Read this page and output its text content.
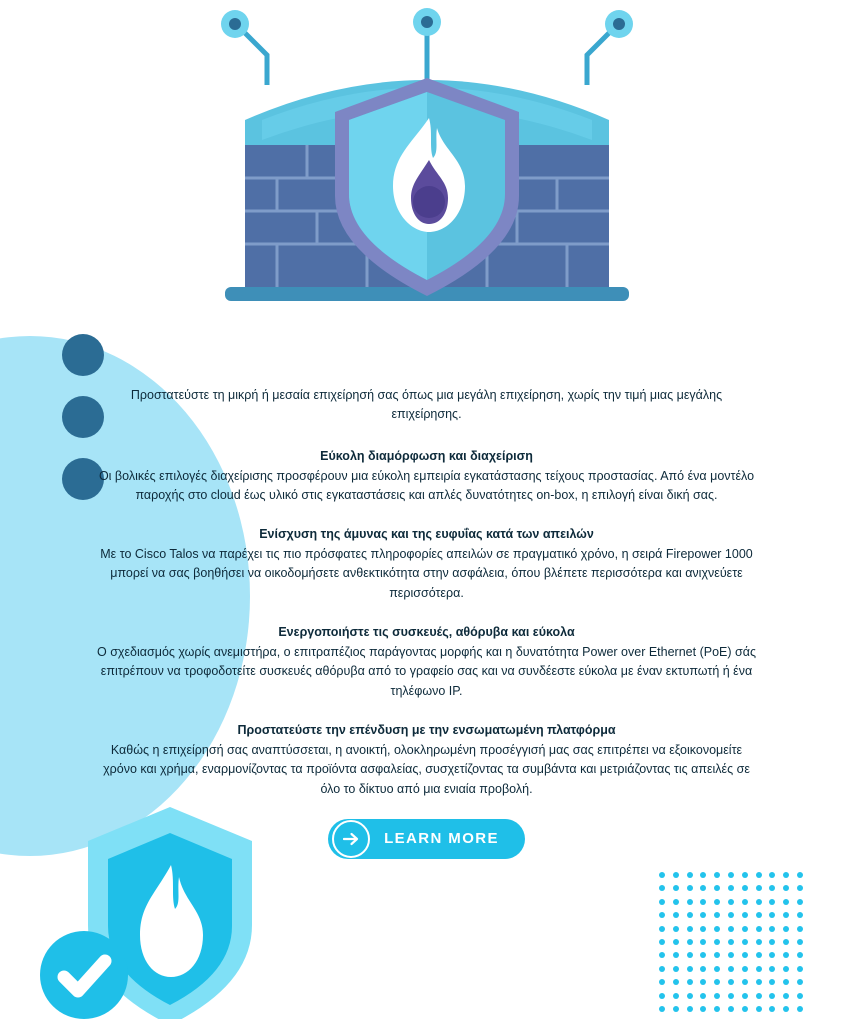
Προστατεύστε τη μικρή ή μεσαία επιχείρησή σας όπως μια μεγάλη επιχείρηση, χωρίς την τιμή μιας μεγάλης επιχείρησης.

Εύκολη διαμόρφωση και διαχείριση

Οι βολικές επιλογές διαχείρισης προσφέρουν μια εύκολη εμπειρία εγκατάστασης τείχους προστασίας. Από ένα μοντέλο παροχής στο cloud έως υλικό στις εγκαταστάσεις και απλές δυνατότητες on-box, η επιλογή είναι δική σας.

Ενίσχυση της άμυνας και της ευφυΐας κατά των απειλών

Με το Cisco Talos να παρέχει τις πιο πρόσφατες πληροφορίες απειλών σε πραγματικό χρόνο, η σειρά Firepower 1000 μπορεί να σας βοηθήσει να οικοδομήσετε ανθεκτικότητα στην ασφάλεια, όπου βλέπετε περισσότερα και ανιχνεύετε περισσότερα.

Ενεργοποιήστε τις συσκευές, αθόρυβα και εύκολα

Ο σχεδιασμός χωρίς ανεμιστήρα, ο επιτραπέζιος παράγοντας μορφής και η δυνατότητα Power over Ethernet (PoE) σάς επιτρέπουν να τροφοδοτείτε συσκευές αθόρυβα από το γραφείο σας και να συνδέεστε εύκολα με έναν εκτυπωτή ή ένα τηλέφωνο IP.

Προστατεύστε την επένδυση με την ενσωματωμένη πλατφόρμα

Καθώς η επιχείρησή σας αναπτύσσεται, η ανοικτή, ολοκληρωμένη προσέγγισή μας σας επιτρέπει να εξοικονομείτε χρόνο και χρήμα, εναρμονίζοντας τα προϊόντα ασφαλείας, συσχετίζοντας τα συμβάντα και μετριάζοντας τις απειλές σε όλο το δίκτυο από μια ενιαία προβολή.

LEARN MORE
